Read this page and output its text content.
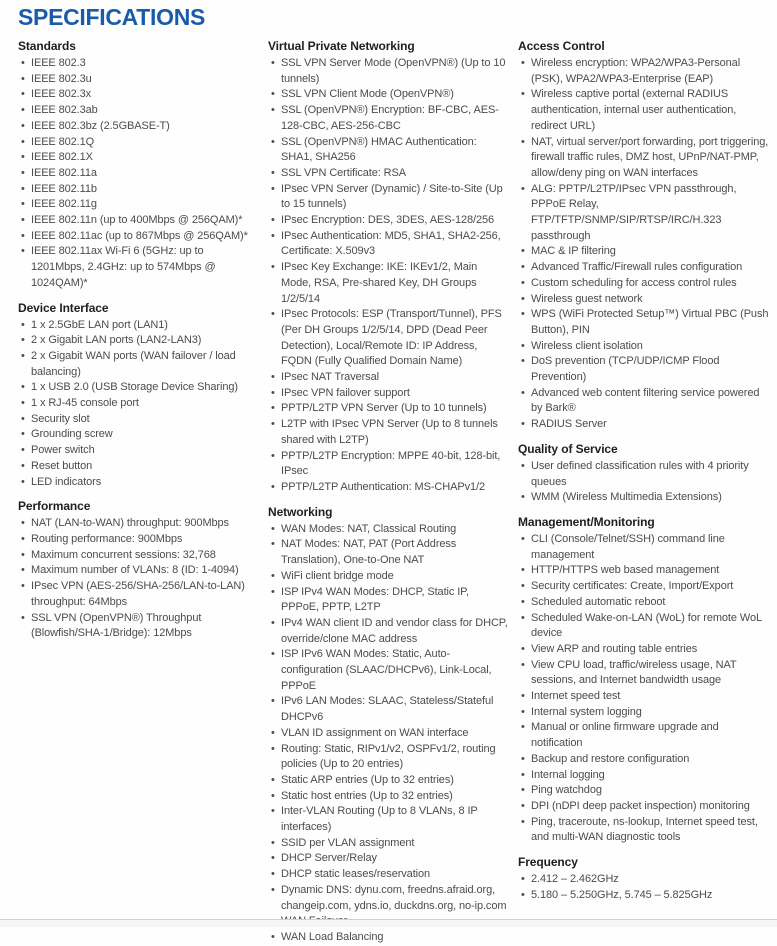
SPECIFICATIONS
Standards
• IEEE 802.3
• IEEE 802.3u
• IEEE 802.3x
• IEEE 802.3ab
• IEEE 802.3bz (2.5GBASE-T)
• IEEE 802.1Q
• IEEE 802.1X
• IEEE 802.11a
• IEEE 802.11b
• IEEE 802.11g
• IEEE 802.11n (up to 400Mbps @ 256QAM)*
• IEEE 802.11ac (up to 867Mbps @ 256QAM)*
• IEEE 802.11ax Wi-Fi 6 (5GHz: up to 1201Mbps, 2.4GHz: up to 574Mbps @ 1024QAM)*
Device Interface
• 1 x 2.5GbE LAN port (LAN1)
• 2 x Gigabit LAN ports (LAN2-LAN3)
• 2 x Gigabit WAN ports (WAN failover / load balancing)
• 1 x USB 2.0 (USB Storage Device Sharing)
• 1 x RJ-45 console port
• Security slot
• Grounding screw
• Power switch
• Reset button
• LED indicators
Performance
• NAT (LAN-to-WAN) throughput: 900Mbps
• Routing performance: 900Mbps
• Maximum concurrent sessions: 32,768
• Maximum number of VLANs: 8 (ID: 1-4094)
• IPsec VPN (AES-256/SHA-256/LAN-to-LAN) throughput: 64Mbps
• SSL VPN (OpenVPN®) Throughput (Blowfish/SHA-1/Bridge): 12Mbps
Virtual Private Networking
• SSL VPN Server Mode (OpenVPN®) (Up to 10 tunnels)
• SSL VPN Client Mode (OpenVPN®)
• SSL (OpenVPN®) Encryption: BF-CBC, AES-128-CBC, AES-256-CBC
• SSL (OpenVPN®) HMAC Authentication: SHA1, SHA256
• SSL VPN Certificate: RSA
• IPsec VPN Server (Dynamic) / Site-to-Site (Up to 15 tunnels)
• IPsec Encryption: DES, 3DES, AES-128/256
• IPsec Authentication: MD5, SHA1, SHA2-256, Certificate: X.509v3
• IPsec Key Exchange: IKE: IKEv1/2, Main Mode, RSA, Pre-shared Key, DH Groups 1/2/5/14
• IPsec Protocols: ESP (Transport/Tunnel), PFS (Per DH Groups 1/2/5/14, DPD (Dead Peer Detection), Local/Remote ID: IP Address, FQDN (Fully Qualified Domain Name)
• IPsec NAT Traversal
• IPsec VPN failover support
• PPTP/L2TP VPN Server (Up to 10 tunnels)
• L2TP with IPsec VPN Server (Up to 8 tunnels shared with L2TP)
• PPTP/L2TP Encryption: MPPE 40-bit, 128-bit, IPsec
• PPTP/L2TP Authentication: MS-CHAPv1/2
Networking
• WAN Modes: NAT, Classical Routing
• NAT Modes: NAT, PAT (Port Address Translation), One-to-One NAT
• WiFi client bridge mode
• ISP IPv4 WAN Modes: DHCP, Static IP, PPPoE, PPTP, L2TP
• IPv4 WAN client ID and vendor class for DHCP, override/clone MAC address
• ISP IPv6 WAN Modes: Static, Auto-configuration (SLAAC/DHCPv6), Link-Local, PPPoE
• IPv6 LAN Modes: SLAAC, Stateless/Stateful DHCPv6
• VLAN ID assignment on WAN interface
• Routing: Static, RIPv1/v2, OSPFv1/2, routing policies (Up to 20 entries)
• Static ARP entries (Up to 32 entries)
• Static host entries (Up to 32 entries)
• Inter-VLAN Routing (Up to 8 VLANs, 8 IP interfaces)
• SSID per VLAN assignment
• DHCP Server/Relay
• DHCP static leases/reservation
• Dynamic DNS: dynu.com, freedns.afraid.org, changeip.com, ydns.io, duckdns.org, no-ip.com
•
• WAN Load Balancing
Access Control
• Wireless encryption: WPA2/WPA3-Personal (PSK), WPA2/WPA3-Enterprise (EAP)
• Wireless captive portal (external RADIUS authentication, internal user authentication, redirect URL)
• NAT, virtual server/port forwarding, port triggering, firewall traffic rules, DMZ host, UPnP/NAT-PMP, allow/deny ping on WAN interfaces
• ALG: PPTP/L2TP/IPsec VPN passthrough, PPPoE Relay, FTP/TFTP/SNMP/SIP/RTSP/IRC/H.323 passthrough
• MAC & IP filtering
• Advanced Traffic/Firewall rules configuration
• Custom scheduling for access control rules
• Wireless guest network
• WPS (WiFi Protected Setup™) Virtual PBC (Push Button), PIN
• Wireless client isolation
• DoS prevention (TCP/UDP/ICMP Flood Prevention)
• Advanced web content filtering service powered by Bark®
• RADIUS Server
Quality of Service
• User defined classification rules with 4 priority queues
• WMM (Wireless Multimedia Extensions)
Management/Monitoring
• CLI (Console/Telnet/SSH) command line management
• HTTP/HTTPS web based management
• Security certificates: Create, Import/Export
• Scheduled automatic reboot
• Scheduled Wake-on-LAN (WoL) for remote WoL device
• View ARP and routing table entries
• View CPU load, traffic/wireless usage, NAT sessions, and Internet bandwidth usage
• Internet speed test
• Internal system logging
• Manual or online firmware upgrade and notification
• Backup and restore configuration
• Internal logging
• Ping watchdog
• DPI (nDPI deep packet inspection) monitoring
• Ping, traceroute, ns-lookup, Internet speed test, and multi-WAN diagnostic tools
Frequency
• 2.412 – 2.462GHz
• 5.180 – 5.250GHz, 5.745 – 5.825GHz
